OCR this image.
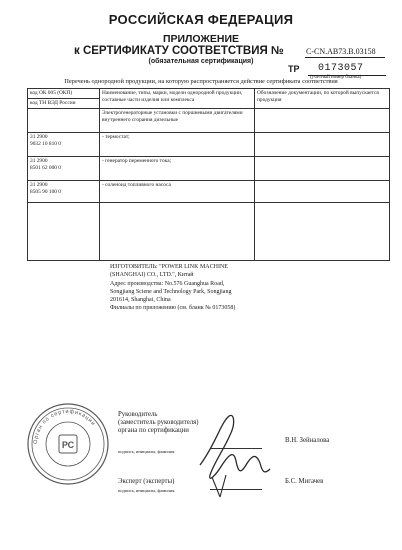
РОССИЙСКАЯ ФЕДЕРАЦИЯ
ПРИЛОЖЕНИЕ
к СЕРТИФИКАТУ СООТВЕТСТВИЯ №	C-CN.AB73.B.03158
(обязательная сертификация)
ТР 0173057
(учетный номер бланка)
Перечень однородной продукции, на которую распространяется действие сертификата соответствия
код ОК 005 (ОКП)	Наименование, типы, марки, модели однородной продукции, составные части изделия или комплекса	Обозначение документации, по которой выпускается продукция
код ТН ВЭД России		
	Электрогенераторные установки с поршневыми двигателями внутреннего сгорания дизельные	

31 2900
9032 10 810 0	- термостат;	

31 2900
8501 62 000 0	- генератор переменного тока;	

31 2900
8505 90 100 0	- соленоид топливного насоса	

ИЗГОТОВИТЕЛЬ: "POWER LINK MACHINE
(SHANGHAI) CO., LTD.", Китай
Адрес производства: No.576 Guanghua Road,
Songjiang Sciene and Technology Park, Songjiang
201614, Shanghai, China
Филиалы по приложению (см. бланк № 0173058)
Орган по сертификации
РС
Руководитель
(заместитель руководителя)
органа по сертификации
подпись, инициалы, фамилия
В.Н. Зейналова
Эксперт (эксперты)
подпись, инициалы, фамилия
Б.С. Мигачев
